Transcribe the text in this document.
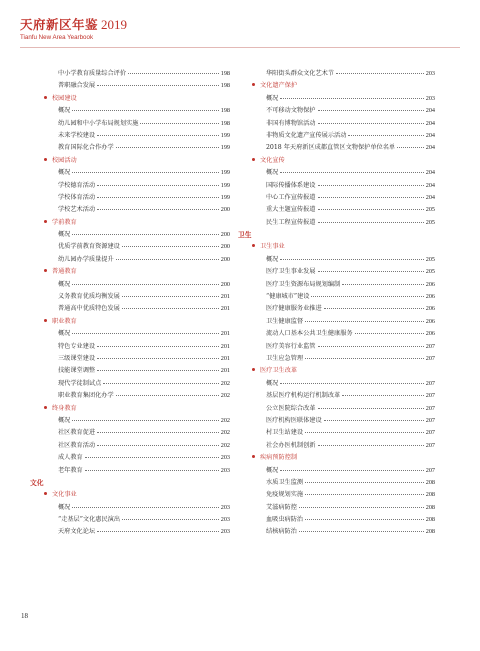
天府新区年鉴 2019
Tianfu New Area Yearbook
中小学教育质量综合评价	198
普职融合发展	198
校园建设
概况	198
幼儿园和中小学布局规划实施	198
未来学校建设	199
教育国际化合作办学	199
校园活动
概况	199
学校德育活动	199
学校体育活动	199
学校艺术活动	200
学前教育
概况	200
优质学前教育资源建设	200
幼儿园办学质量提升	200
普通教育
概况	200
义务教育优质均衡发展	201
普通高中优质特色发展	201
职业教育
概况	201
特色专业建设	201
三级课堂建设	201
技能课堂调整	201
现代学徒制试点	202
职业教育集团化办学	202
终身教育
概况	202
社区教育促进	202
社区教育活动	202
成人教育	203
老年教育	203
文化
文化事业
概况	203
“走基层”文化惠民演出	203
天府文化论坛	203
华阳街头群众文化艺术节	203
文化遗产保护
概况	203
不可移动文物保护	204
非国有博物馆活动	204
非物质文化遗产宣传展示活动	204
2018 年天府新区成都直管区文物保护单位名单	204
文化宣传
概况	204
国际传播体系建设	204
中心工作宣传报道	204
重大主题宣传报道	205
民生工程宣传报道	205
卫生
卫生事业
概况	205
医疗卫生事业发展	205
医疗卫生资源布局规划编制	206
“健康城市”建设	206
医疗健康服务业推进	206
卫生健康监督	206
流动人口基本公共卫生健康服务	206
医疗美容行业监管	207
卫生应急管理	207
医疗卫生改革
概况	207
基层医疗机构运行机制改革	207
公立医院综合改革	207
医疗机构医联体建设	207
村卫生站建设	207
社会办医机制创新	207
疾病预防控制
概况	207
水质卫生监测	208
免疫规划实施	208
艾滋病防控	208
血吸虫病防治	208
结核病防治	208
18
